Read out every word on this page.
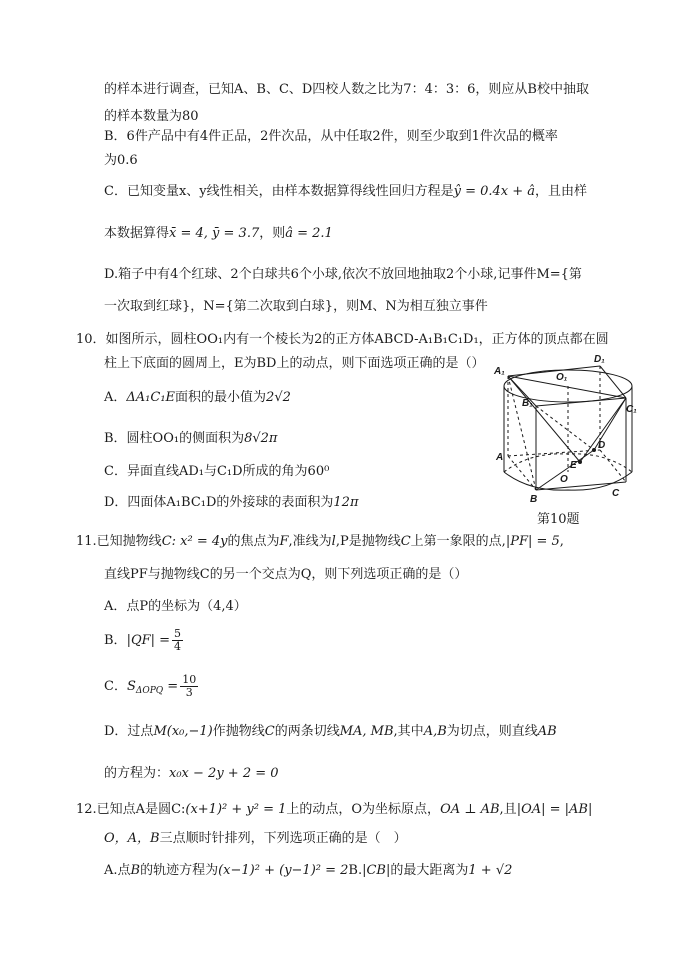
的样本进行调查，已知A、B、C、D四校人数之比为7：4：3：6，则应从B校中抽取
的样本数量为80
B．6件产品中有4件正品，2件次品，从中任取2件，则至少取到1件次品的概率
为0.6
C．已知变量x、y线性相关，由样本数据算得线性回归方程是ŷ = 0.4x + â，且由样
本数据算得x̄ = 4, ȳ = 3.7，则â = 2.1
D.箱子中有4个红球、2个白球共6个小球,依次不放回地抽取2个小球,记事件M={第
一次取到红球}，N={第二次取到白球}，则M、N为相互独立事件
10．如图所示，圆柱OO₁内有一个棱长为2的正方体ABCD-A₁B₁C₁D₁，正方体的顶点都在圆
柱上下底面的圆周上，E为BD上的动点，则下面选项正确的是（）
A．ΔA₁C₁E面积的最小值为2√2
B．圆柱OO₁的侧面积为8√2π
C．异面直线AD₁与C₁D所成的角为60⁰
D．四面体A₁BC₁D的外接球的表面积为12π
A₁
D₁
O₁
B₁
C₁
D
A
E
O
B
C
第10题
11.已知抛物线C: x² = 4y的焦点为F,准线为l,P是抛物线C上第一象限的点,|PF| = 5,
直线PF与抛物线C的另一个交点为Q，则下列选项正确的是（）
A．点P的坐标为（4,4）
B．$|QF| = \frac{5}{4}$
C．$S_{\Delta OPQ} = \frac{10}{3}$
D．过点M(x₀,−1)作抛物线C的两条切线MA, MB,其中A,B为切点，则直线AB
的方程为：x₀x − 2y + 2 = 0
12.已知点A是圆C:(x+1)² + y² = 1上的动点，O为坐标原点，OA ⊥ AB,且|OA| = |AB|
O，A，B三点顺时针排列，下列选项正确的是（　）
A.点B的轨迹方程为(x−1)² + (y−1)² = 2B.|CB|的最大距离为1 + √2
